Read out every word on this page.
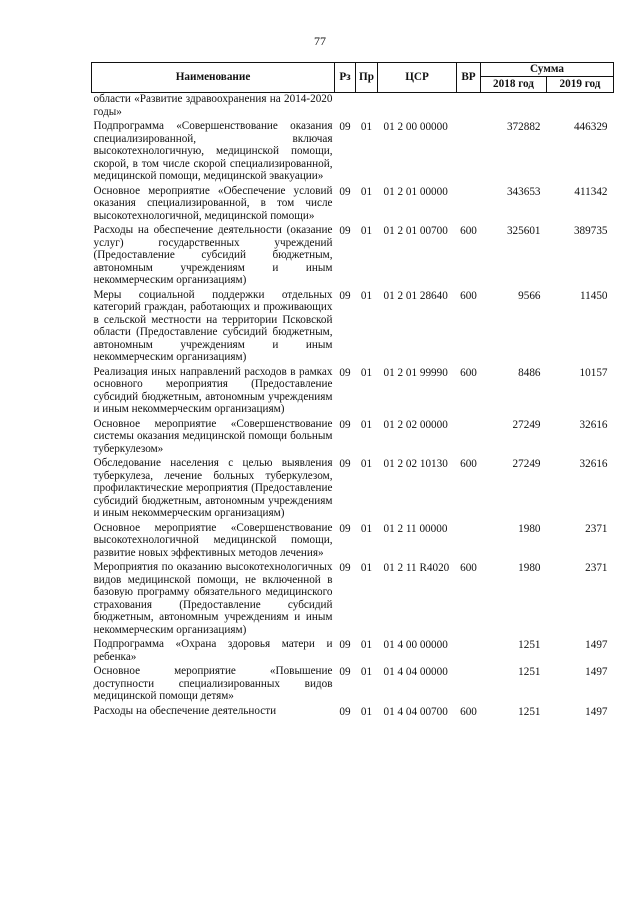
77
Наименование	Рз	Пр	ЦСР	ВР	Сумма	
					2018 год	2019 год
области «Развитие здравоохранения на 2014-2020 годы»						
Подпрограмма «Совершенствование оказания специализированной, включая высокотехнологичную, медицинской помощи, скорой, в том числе скорой специализированной, медицинской помощи, медицинской эвакуации»	09	01	01 2 00 00000		372882	446329
Основное мероприятие «Обеспечение условий оказания специализированной, в том числе высокотехнологичной, медицинской помощи»	09	01	01 2 01 00000		343653	411342
Расходы на обеспечение деятельности (оказание услуг) государственных учреждений (Предоставление субсидий бюджетным, автономным учреждениям и иным некоммерческим организациям)	09	01	01 2 01 00700	600	325601	389735
Меры социальной поддержки отдельных категорий граждан, работающих и проживающих в сельской местности на территории Псковской области (Предоставление субсидий бюджетным, автономным учреждениям и иным некоммерческим организациям)	09	01	01 2 01 28640	600	9566	11450
Реализация иных направлений расходов в рамках основного мероприятия (Предоставление субсидий бюджетным, автономным учреждениям и иным некоммерческим организациям)	09	01	01 2 01 99990	600	8486	10157
Основное мероприятие «Совершенствование системы оказания медицинской помощи больным туберкулезом»	09	01	01 2 02 00000		27249	32616
Обследование населения с целью выявления туберкулеза, лечение больных туберкулезом, профилактические мероприятия (Предоставление субсидий бюджетным, автономным учреждениям и иным некоммерческим организациям)	09	01	01 2 02 10130	600	27249	32616
Основное мероприятие «Совершенствование высокотехнологичной медицинской помощи, развитие новых эффективных методов лечения»	09	01	01 2 11 00000		1980	2371
Мероприятия по оказанию высокотехнологичных видов медицинской помощи, не включенной в базовую программу обязательного медицинского страхования (Предоставление субсидий бюджетным, автономным учреждениям и иным некоммерческим организациям)	09	01	01 2 11 R4020	600	1980	2371
Подпрограмма «Охрана здоровья матери и ребенка»	09	01	01 4 00 00000		1251	1497
Основное мероприятие «Повышение доступности специализированных видов медицинской помощи детям»	09	01	01 4 04 00000		1251	1497
Расходы на обеспечение деятельности	09	01	01 4 04 00700	600	1251	1497
